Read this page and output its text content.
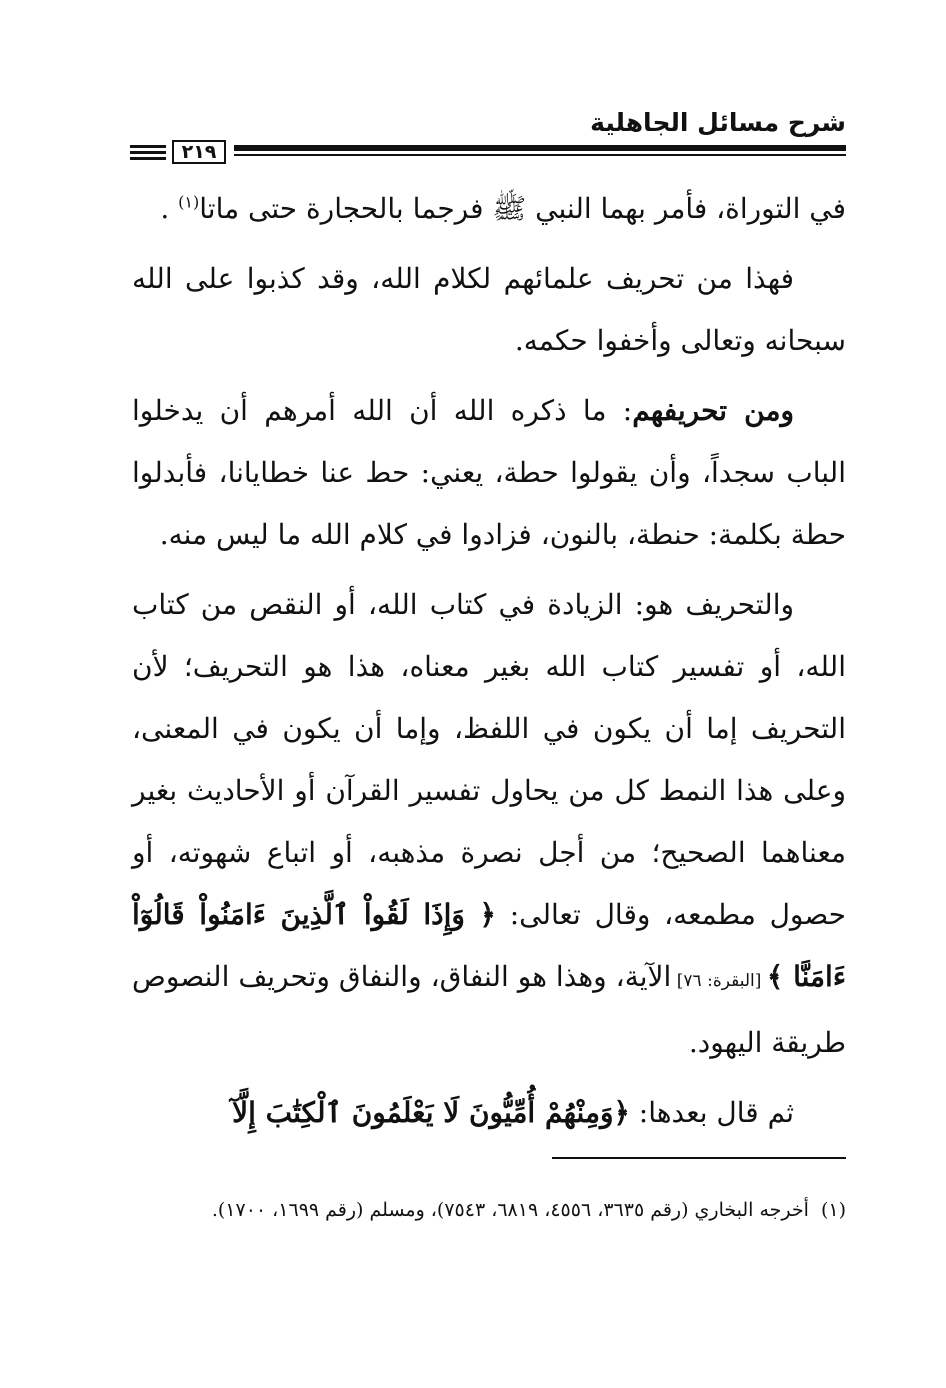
شرح مسائل الجاهلية
٢١٩

في التوراة، فأمر بهما النبي ﷺ فرجما بالحجارة حتى ماتا$^{(١)}$ .

فهذا من تحريف علمائهم لكلام الله، وقد كذبوا على الله سبحانه وتعالى وأخفوا حكمه.

ومن تحريفهم: ما ذكره الله أن الله أمرهم أن يدخلوا الباب سجداً، وأن يقولوا حطة، يعني: حط عنا خطايانا، فأبدلوا حطة بكلمة: حنطة، بالنون، فزادوا في كلام الله ما ليس منه.

والتحريف هو: الزيادة في كتاب الله، أو النقص من كتاب الله، أو تفسير كتاب الله بغير معناه، هذا هو التحريف؛ لأن التحريف إما أن يكون في اللفظ، وإما أن يكون في المعنى، وعلى هذا النمط كل من يحاول تفسير القرآن أو الأحاديث بغير معناهما الصحيح؛ من أجل نصرة مذهبه، أو اتباع شهوته، أو حصول مطمعه، وقال تعالى: ﴿ وَإِذَا لَقُواْ ٱلَّذِينَ ءَامَنُواْ قَالُوٓاْ ءَامَنَّا ﴾ [البقرة: ٧٦] الآية، وهذا هو النفاق، والنفاق وتحريف النصوص طريقة اليهود.

ثم قال بعدها: ﴿وَمِنْهُمْ أُمِّيُّونَ لَا يَعْلَمُونَ ٱلْكِتَٰبَ إِلَّآ

(١)أخرجه البخاري (رقم ٣٦٣٥، ٤٥٥٦، ٦٨١٩، ٧٥٤٣)، ومسلم (رقم ١٦٩٩، ١٧٠٠).
